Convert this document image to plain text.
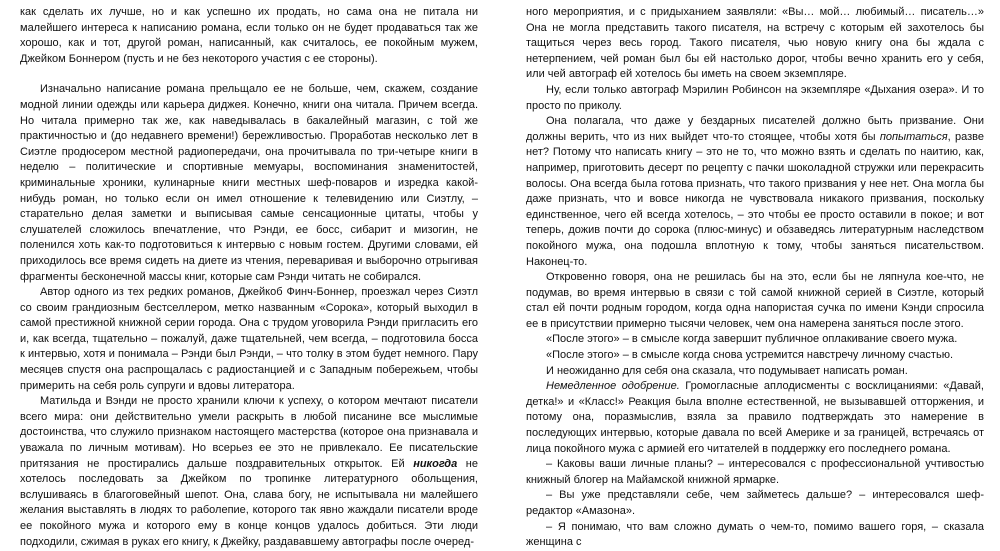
как сделать их лучше, но и как успешно их продать, но сама она не питала ни малейшего интереса к написанию романа, если только он не будет продаваться так же хорошо, как и тот, другой роман, написанный, как считалось, ее покойным мужем, Джейком Боннером (пусть и не без некоторого участия с ее стороны).

Изначально написание романа прельщало ее не больше, чем, скажем, создание модной линии одежды или карьера диджея. Конечно, книги она читала. Причем всегда. Но читала примерно так же, как наведывалась в бакалейный магазин, с той же практичностью и (до недавнего времени!) бережливостью. Проработав несколько лет в Сиэтле продюсером местной радиопередачи, она прочитывала по три-четыре книги в неделю – политические и спортивные мемуары, воспоминания знаменитостей, криминальные хроники, кулинарные книги местных шеф-поваров и изредка какой-нибудь роман, но только если он имел отношение к телевидению или Сиэтлу, – старательно делая заметки и выписывая самые сенсационные цитаты, чтобы у слушателей сложилось впечатление, что Рэнди, ее босс, сибарит и мизогин, не поленился хоть как-то подготовиться к интервью с новым гостем. Другими словами, ей приходилось все время сидеть на диете из чтения, переваривая и выборочно отрыгивая фрагменты бесконечной массы книг, которые сам Рэнди читать не собирался.

Автор одного из тех редких романов, Джейкоб Финч-Боннер, проезжал через Сиэтл со своим грандиозным бестселлером, метко названным «Сорока», который выходил в самой престижной книжной серии города. Она с трудом уговорила Рэнди пригласить его и, как всегда, тщательно – пожалуй, даже тщательней, чем всегда, – подготовила босса к интервью, хотя и понимала – Рэнди был Рэнди, – что толку в этом будет немного. Пару месяцев спустя она распрощалась с радиостанцией и с Западным побережьем, чтобы примерить на себя роль супруги и вдовы литератора.

Матильда и Вэнди не просто хранили ключи к успеху, о котором мечтают писатели всего мира: они действительно умели раскрыть в любой писанине все мыслимые достоинства, что служило признаком настоящего мастерства (которое она признавала и уважала по личным мотивам). Но всерьез ее это не привлекало. Ее писательские притязания не простирались дальше поздравительных открыток. Ей никогда не хотелось последовать за Джейком по тропинке литературного обольщения, вслушиваясь в благоговейный шепот. Она, слава богу, не испытывала ни малейшего желания выставлять в людях то раболепие, которого так явно жаждали писатели вроде ее покойного мужа и которого ему в конце концов удалось добиться. Эти люди подходили, сжимая в руках его книгу, к Джейку, раздававшему автографы после очеред-

ного мероприятия, и с придыханием заявляли: «Вы… мой… любимый… писатель…» Она не могла представить такого писателя, на встречу с которым ей захотелось бы тащиться через весь город. Такого писателя, чью новую книгу она бы ждала с нетерпением, чей роман был бы ей настолько дорог, чтобы вечно хранить его у себя, или чей автограф ей хотелось бы иметь на своем экземпляре.

Ну, если только автограф Мэрилин Робинсон на экземпляре «Дыхания озера». И то просто по приколу.

Она полагала, что даже у бездарных писателей должно быть призвание. Они должны верить, что из них выйдет что-то стоящее, чтобы хотя бы попытаться, разве нет? Потому что написать книгу – это не то, что можно взять и сделать по наитию, как, например, приготовить десерт по рецепту с пачки шоколадной стружки или перекрасить волосы. Она всегда была готова признать, что такого призвания у нее нет. Она могла бы даже признать, что и вовсе никогда не чувствовала никакого призвания, поскольку единственное, чего ей всегда хотелось, – это чтобы ее просто оставили в покое; и вот теперь, дожив почти до сорока (плюс-минус) и обзаведясь литературным наследством покойного мужа, она подошла вплотную к тому, чтобы заняться писательством. Наконец-то.

Откровенно говоря, она не решилась бы на это, если бы не ляпнула кое-что, не подумав, во время интервью в связи с той самой книжной серией в Сиэтле, который стал ей почти родным городом, когда одна напористая сучка по имени Кэнди спросила ее в присутствии примерно тысячи человек, чем она намерена заняться после этого.

«После этого» – в смысле когда завершит публичное оплакивание своего мужа.

«После этого» – в смысле когда снова устремится навстречу личному счастью.

И неожиданно для себя она сказала, что подумывает написать роман.

Немедленное одобрение. Громогласные аплодисменты с восклицаниями: «Давай, детка!» и «Класс!» Реакция была вполне естественной, не вызывавшей отторжения, и потому она, поразмыслив, взяла за правило подтверждать это намерение в последующих интервью, которые давала по всей Америке и за границей, встречаясь от лица покойного мужа с армией его читателей в поддержку его последнего романа.

– Каковы ваши личные планы? – интересовался с профессиональной учтивостью книжный блогер на Майамской книжной ярмарке.

– Вы уже представляли себе, чем займетесь дальше? – интересовался шеф-редактор «Амазона».

– Я понимаю, что вам сложно думать о чем-то, помимо вашего горя, – сказала женщина с
